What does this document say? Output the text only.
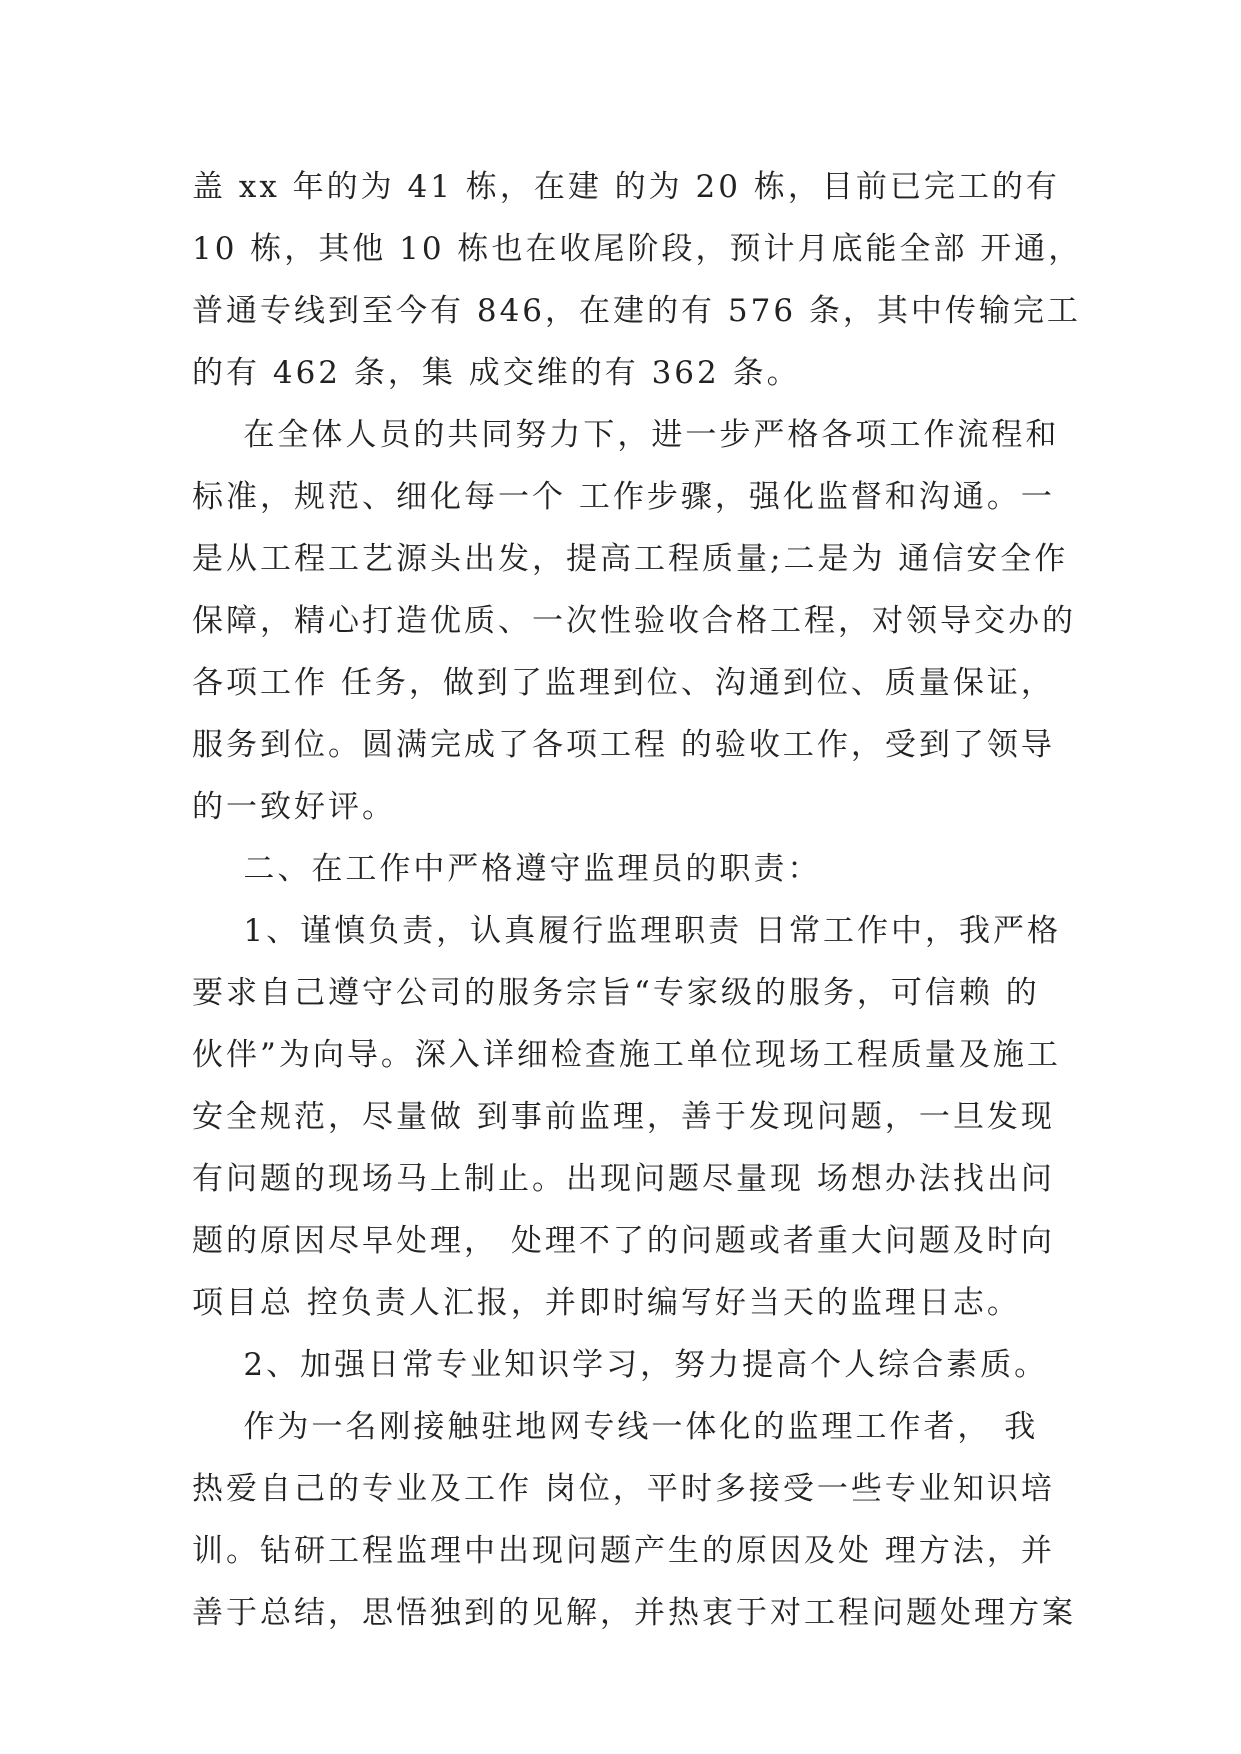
盖 xx 年的为 41 栋，在建 的为 20 栋，目前已完工的有
10 栋，其他 10 栋也在收尾阶段，预计月底能全部 开通，
普通专线到至今有 846，在建的有 576 条，其中传输完工
的有 462 条，集 成交维的有 362 条。
在全体人员的共同努力下，进一步严格各项工作流程和
标准，规范、细化每一个 工作步骤，强化监督和沟通。一
是从工程工艺源头出发，提高工程质量;二是为 通信安全作
保障，精心打造优质、一次性验收合格工程，对领导交办的
各项工作 任务，做到了监理到位、沟通到位、质量保证，
服务到位。圆满完成了各项工程 的验收工作，受到了领导
的一致好评。
二、在工作中严格遵守监理员的职责：
1、谨慎负责，认真履行监理职责 日常工作中，我严格
要求自己遵守公司的服务宗旨“专家级的服务，可信赖 的
伙伴”为向导。深入详细检查施工单位现场工程质量及施工
安全规范，尽量做 到事前监理，善于发现问题，一旦发现
有问题的现场马上制止。出现问题尽量现 场想办法找出问
题的原因尽早处理， 处理不了的问题或者重大问题及时向
项目总 控负责人汇报，并即时编写好当天的监理日志。
2、加强日常专业知识学习，努力提高个人综合素质。
作为一名刚接触驻地网专线一体化的监理工作者， 我
热爱自己的专业及工作 岗位，平时多接受一些专业知识培
训。钻研工程监理中出现问题产生的原因及处 理方法，并
善于总结，思悟独到的见解，并热衷于对工程问题处理方案
